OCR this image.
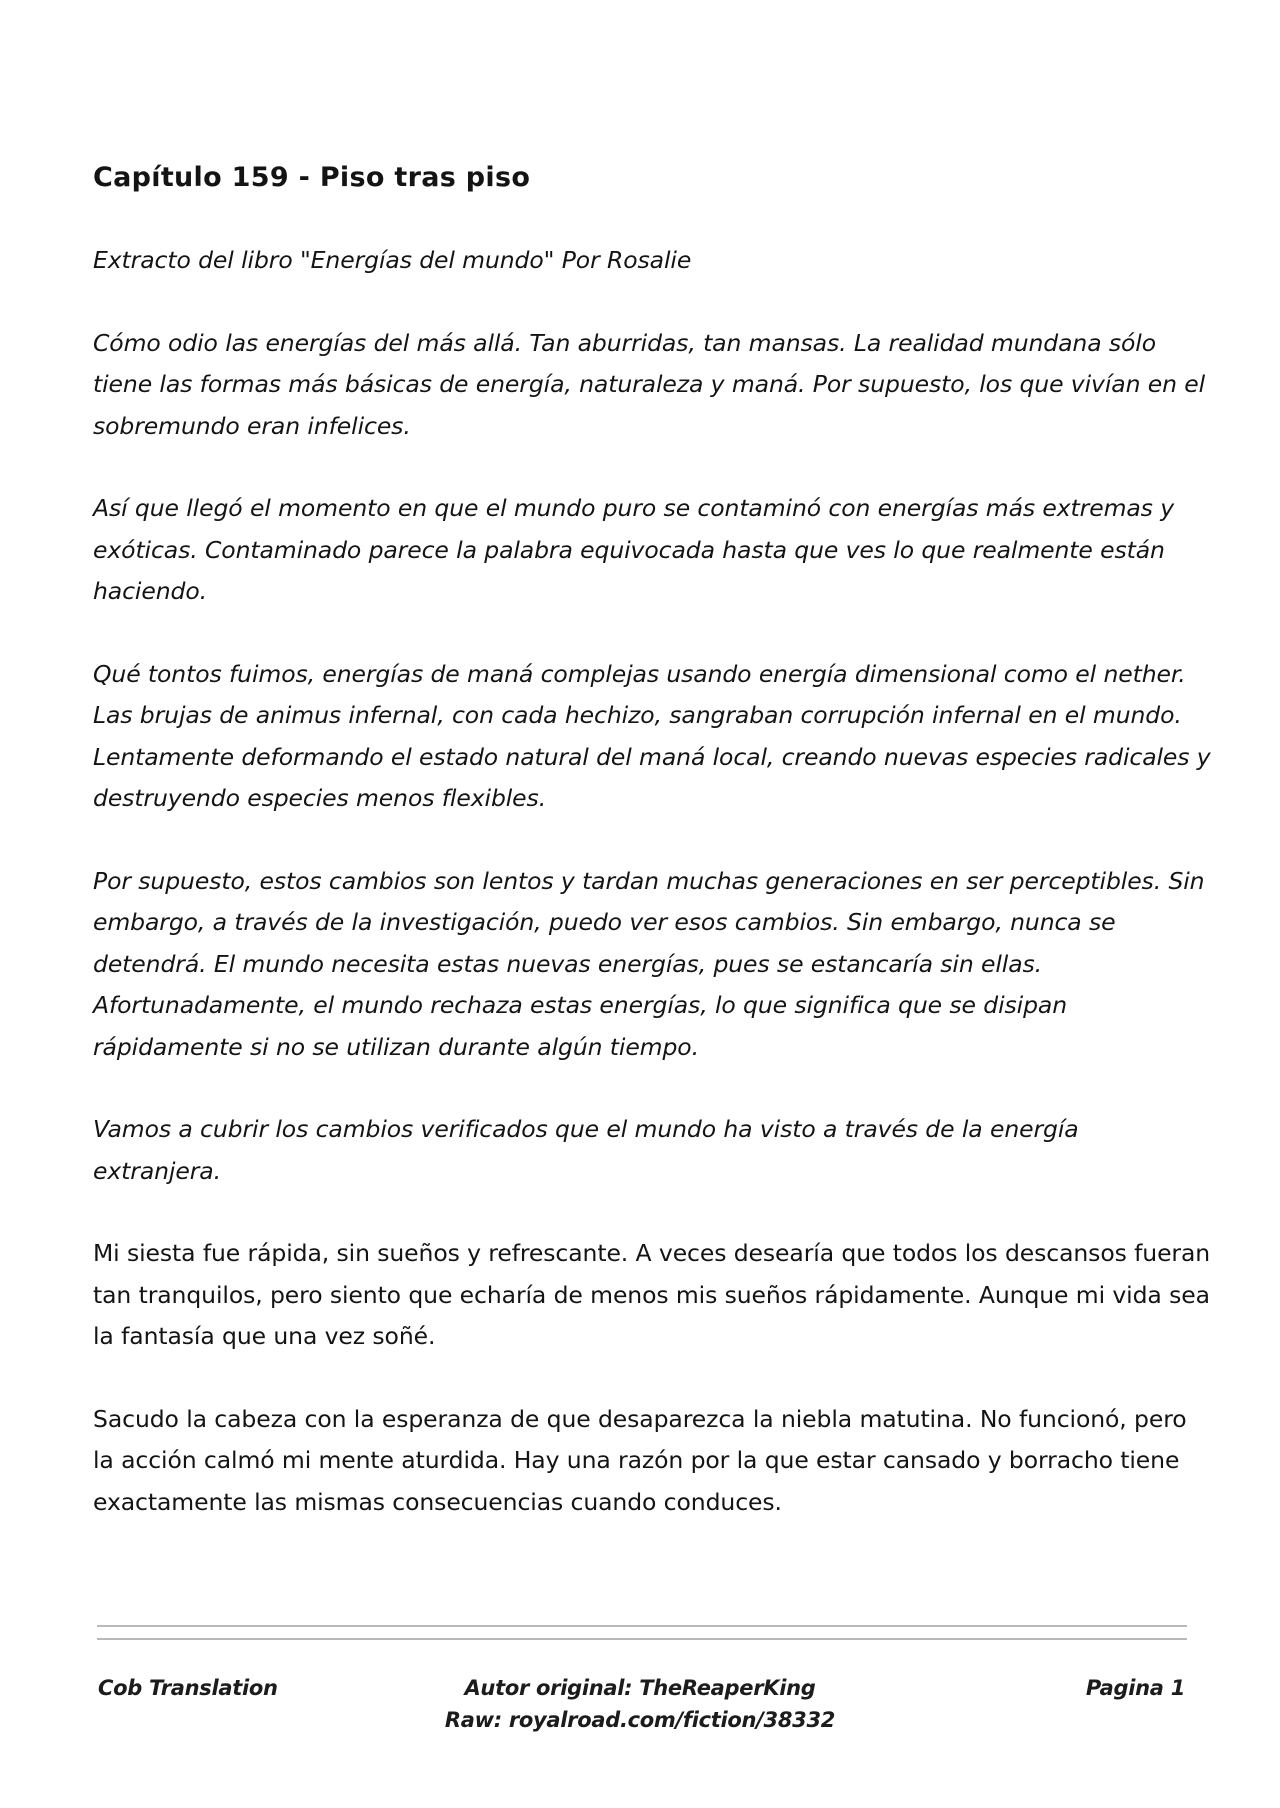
Capítulo 159 - Piso tras piso

Extracto del libro "Energías del mundo" Por Rosalie

Cómo odio las energías del más allá. Tan aburridas, tan mansas. La realidad mundana sólo tiene las formas más básicas de energía, naturaleza y maná. Por supuesto, los que vivían en el sobremundo eran infelices.

Así que llegó el momento en que el mundo puro se contaminó con energías más extremas y exóticas. Contaminado parece la palabra equivocada hasta que ves lo que realmente están haciendo.

Qué tontos fuimos, energías de maná complejas usando energía dimensional como el nether. Las brujas de animus infernal, con cada hechizo, sangraban corrupción infernal en el mundo. Lentamente deformando el estado natural del maná local, creando nuevas especies radicales y destruyendo especies menos flexibles.

Por supuesto, estos cambios son lentos y tardan muchas generaciones en ser perceptibles. Sin embargo, a través de la investigación, puedo ver esos cambios. Sin embargo, nunca se detendrá. El mundo necesita estas nuevas energías, pues se estancaría sin ellas. Afortunadamente, el mundo rechaza estas energías, lo que significa que se disipan rápidamente si no se utilizan durante algún tiempo.

Vamos a cubrir los cambios verificados que el mundo ha visto a través de la energía extranjera.

Mi siesta fue rápida, sin sueños y refrescante. A veces desearía que todos los descansos fueran tan tranquilos, pero siento que echaría de menos mis sueños rápidamente. Aunque mi vida sea la fantasía que una vez soñé.

Sacudo la cabeza con la esperanza de que desaparezca la niebla matutina. No funcionó, pero la acción calmó mi mente aturdida. Hay una razón por la que estar cansado y borracho tiene exactamente las mismas consecuencias cuando conduces.

Cob Translation	Autor original: TheReaperKing
Raw: royalroad.com/fiction/38332
Pagina 1
